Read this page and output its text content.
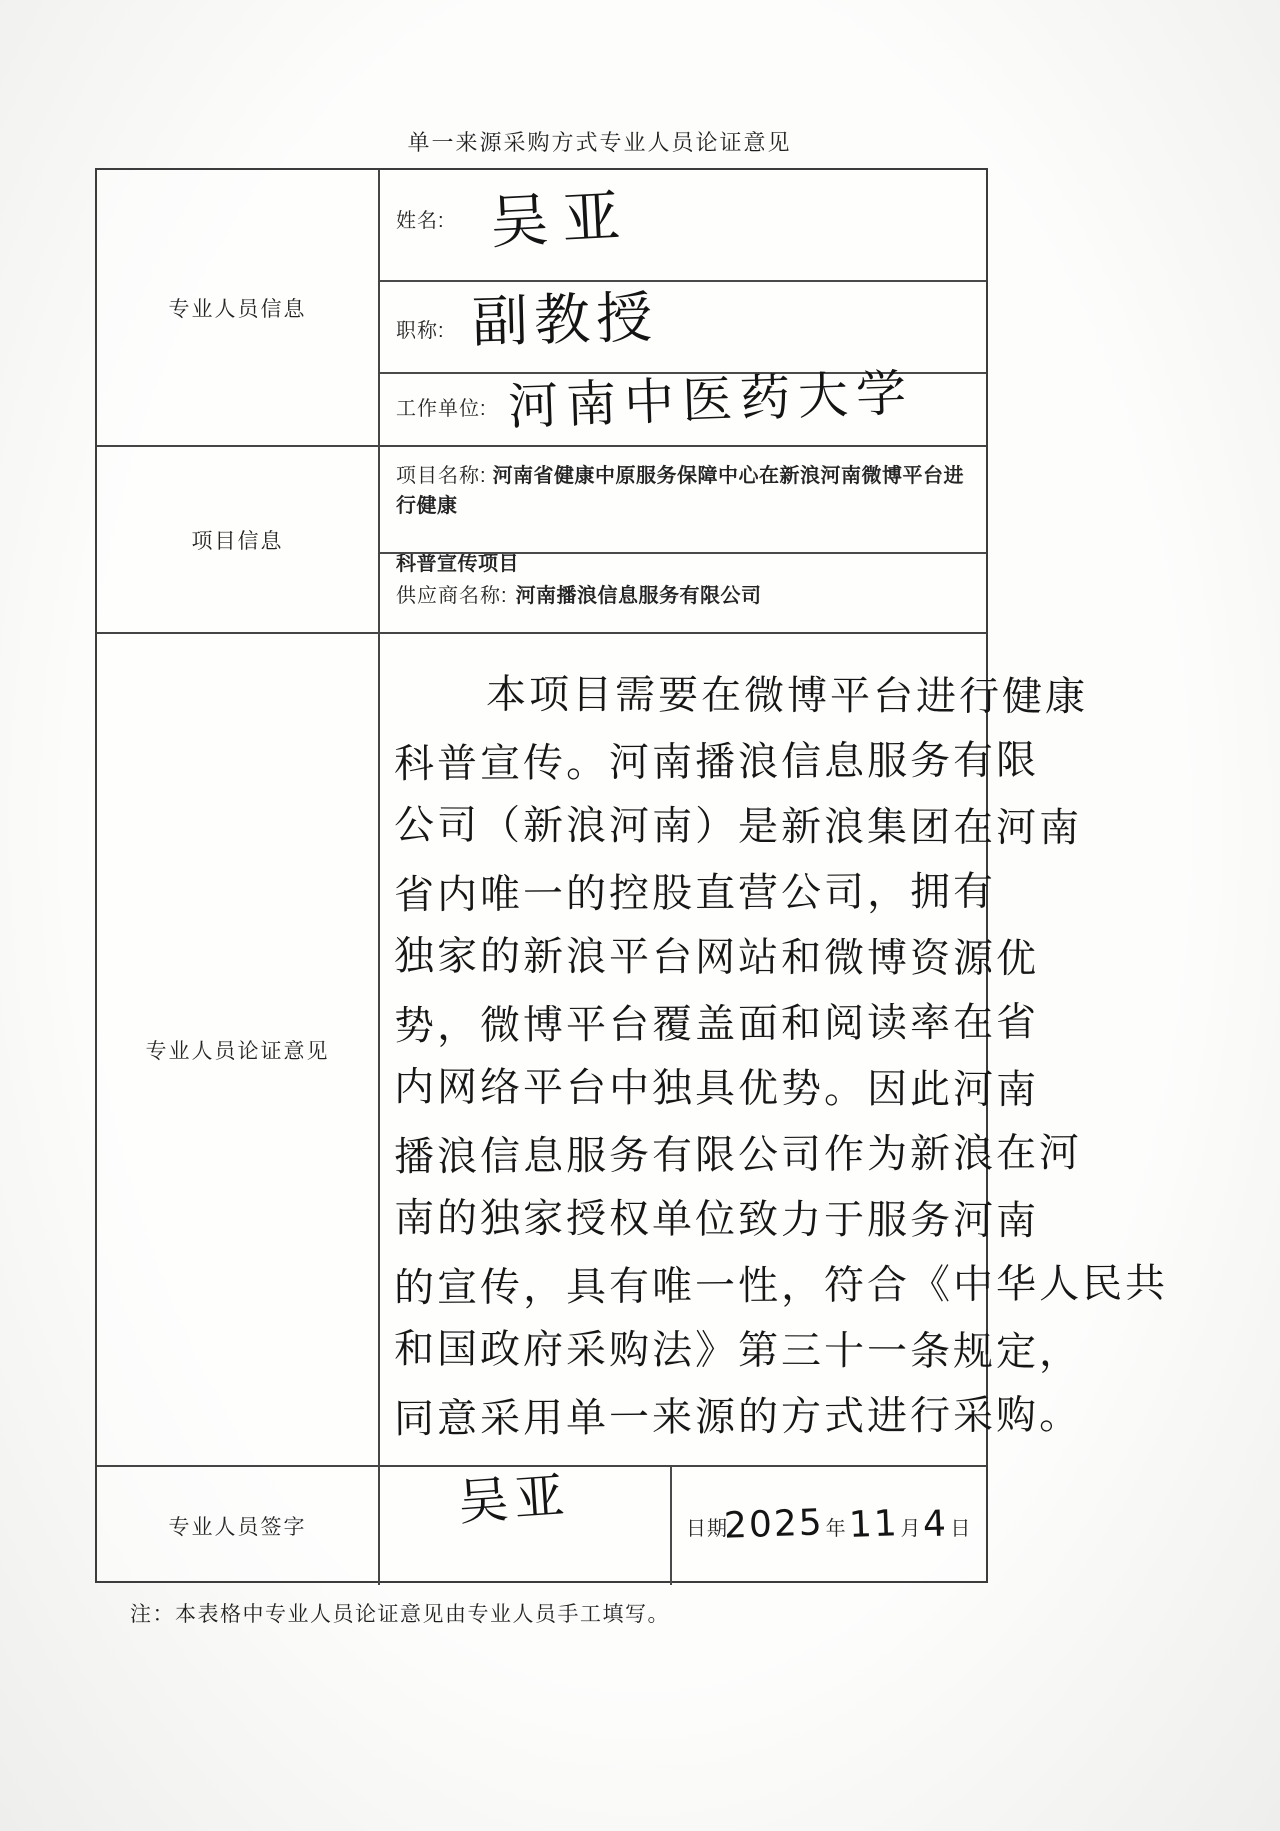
单一来源采购方式专业人员论证意见
专业人员信息
姓名: 吴亚
职称: 副教授
工作单位: 河南中医药大学
项目信息
项目名称: 河南省健康中原服务保障中心在新浪河南微博平台进行健康
科普宣传项目
供应商名称: 河南播浪信息服务有限公司
专业人员论证意见
本项目需要在微博平台进行健康
科普宣传。河南播浪信息服务有限
公司（新浪河南）是新浪集团在河南
省内唯一的控股直营公司，拥有
独家的新浪平台网站和微博资源优
势，微博平台覆盖面和阅读率在省
内网络平台中独具优势。因此河南
播浪信息服务有限公司作为新浪在河
南的独家授权单位致力于服务河南
的宣传，具有唯一性，符合《中华人民共
和国政府采购法》第三十一条规定，
同意采用单一来源的方式进行采购。
专业人员签字	吴亚	日期
2025 年 11 月 4 日
注：本表格中专业人员论证意见由专业人员手工填写。
